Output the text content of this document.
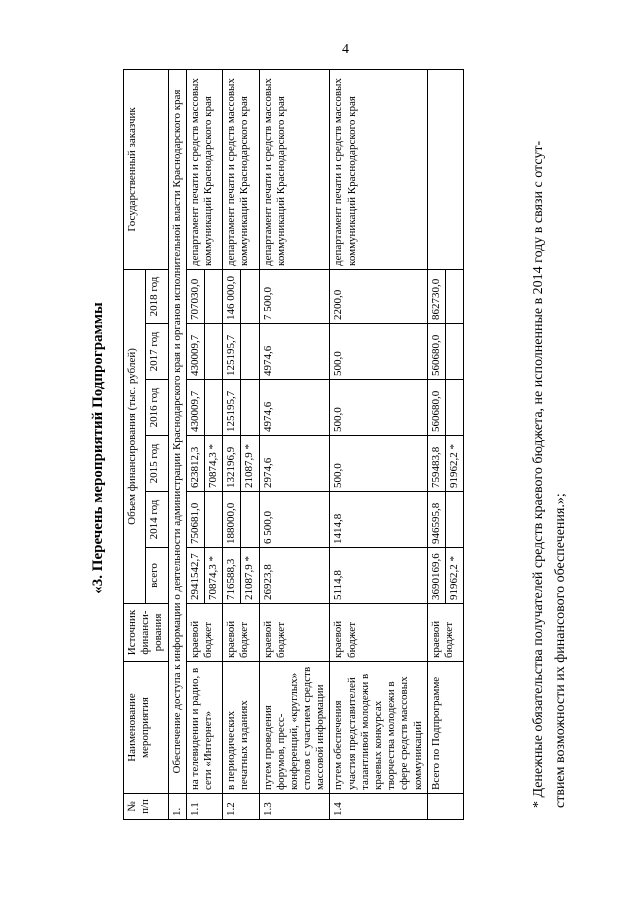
4
«3. Перечень мероприятий Подпрограммы
№ п/п	Наименование мероприятия	Источник финанси-рования	Объем финансирования (тыс. рублей)						Государственный заказчик
			всего	2014 год	2015 год	2016 год	2017 год	2018 год	
1.	Обеспечение доступа к информации о деятельности администрации Краснодарского края и органов исполнительной власти Краснодарского края								
1.1	на телевидении и радио, в сети «Интернет»	краевой бюджет	2941542,7	750681,0	623812,3	430009,7	430009,7	707030,0	департамент печати и средств массовых коммуникаций Краснодарского края
			70874,3 *		70874,3 *				
1.2	в периодических печатных изданиях	краевой бюджет	716588,3	188000,0	132196,9	125195,7	125195,7	146 000,0	департамент печати и средств массовых коммуникаций Краснодарского края
			21087,9 *		21087,9 *				
1.3	путем проведения форумов, пресс-конференций, «круглых» столов с участием средств массовой информации	краевой бюджет	26923,8	6 500,0	2974,6	4974,6	4974,6	7 500,0	департамент печати и средств массовых коммуникаций Краснодарского края
1.4	путем обеспечения участия представителей талантливой молодежи в краевых конкурсах творчества молодежи в сфере средств массовых коммуникаций	краевой бюджет	5114,8	1414,8	500,0	500,0	500,0	2200,0	департамент печати и средств массовых коммуникаций Краснодарского края
	Всего по Подпрограмме	краевой бюджет	3690169,6	946595,8	759483,8	560680,0	560680,0	862730,0	
			91962,2 *		91962,2 *					* Денежные обязательства получателей средств краевого бюджета, не исполненные в 2014 году в связи с отсут- ствием возможности их финансового обеспечения.»;
